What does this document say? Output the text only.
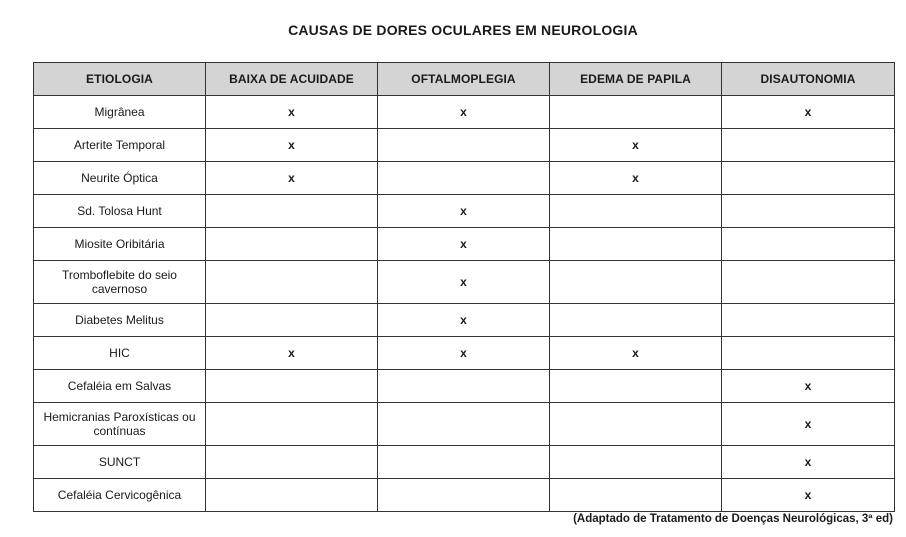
CAUSAS DE DORES OCULARES EM NEUROLOGIA
ETIOLOGIA	BAIXA DE ACUIDADE	OFTALMOPLEGIA	EDEMA DE PAPILA	DISAUTONOMIA
Migrânea	x	x		x
Arterite Temporal	x		x	
Neurite Óptica	x		x	
Sd. Tolosa Hunt		x		
Miosite Oribitária		x		
Tromboflebite do seio cavernoso		x		
Diabetes Melitus		x		
HIC	x	x	x	
Cefaléia em Salvas				x
Hemicranias Paroxísticas ou contínuas				x
SUNCT				x
Cefaléia Cervicogênica				x
(Adaptado de Tratamento de Doenças Neurológicas, 3ª ed)
